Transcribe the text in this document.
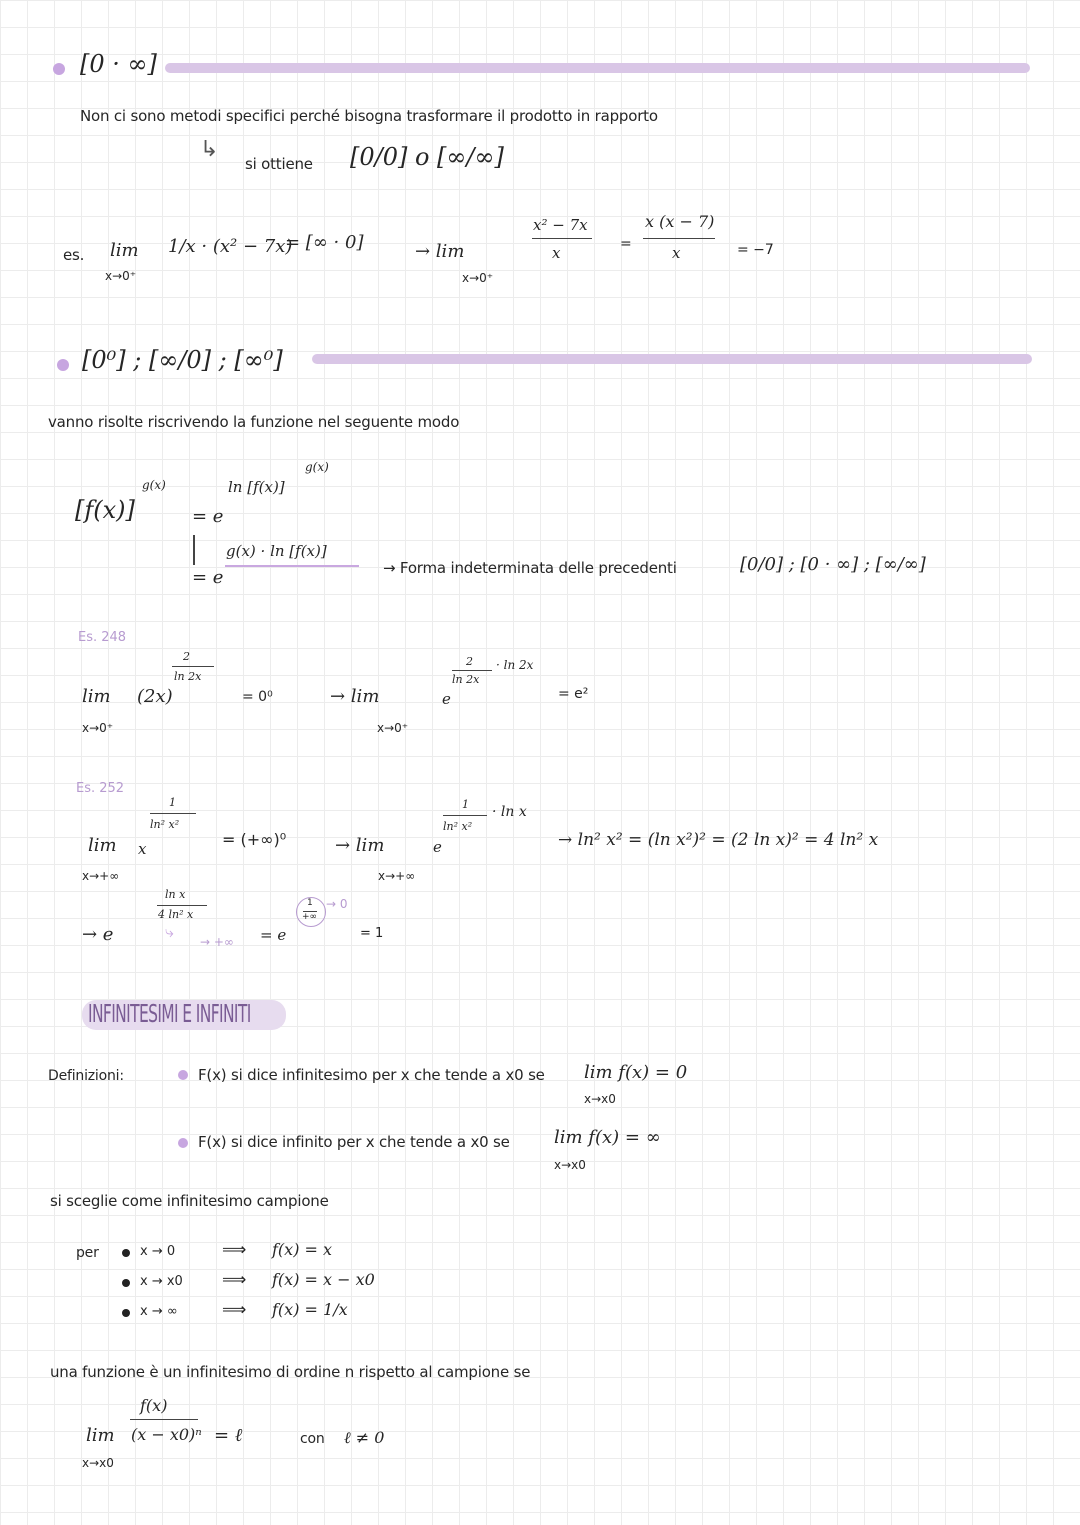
[0 · ∞]
Non ci sono metodi specifici perché bisogna trasformare il prodotto in rapporto
↳
si ottiene [0/0] o [∞/∞]
es. lim
x→0⁺
1/x · (x² − 7x)
= [∞ · 0]	→ lim
x→0⁺
x² − 7x
x	=
x (x − 7)
x	= −7
[0⁰] ; [∞/0] ; [∞⁰]
vanno risolte riscrivendo la funzione nel seguente modo
[f(x)]
g(x)
= e
ln [f(x)]
g(x)
= e
g(x) · ln [f(x)]
→ Forma indeterminata delle precedenti	[0/0] ; [0 · ∞] ; [∞/∞]
Es. 248
lim
x→0⁺
(2x)
2
ln 2x
= 0⁰	→ lim
x→0⁺
e
2
ln 2x
· ln 2x
= e²
Es. 252
lim
x→+∞
x
1
ln² x²
= (+∞)⁰	→ lim
x→+∞
e
1
ln² x²
· ln x
→ ln² x² = (ln x²)² = (2 ln x)² = 4 ln² x
→ e
ln x
4 ln² x
⤷
→ +∞ = e
1
+∞
→ 0
= 1
INFINITESIMI E INFINITI
Definizioni:	F(x) si dice infinitesimo per x che tende a x0 se lim f(x) = 0
x→x0
F(x) si dice infinito per x che tende a x0 se lim f(x) = ∞
x→x0
si sceglie come infinitesimo campione
per	x → 0	⟹ f(x) = x
x → x0 ⟹ f(x) = x − x0
x → ∞	⟹ f(x) = 1/x
una funzione è un infinitesimo di ordine n rispetto al campione se
lim
x→x0
f(x)
(x − x0)ⁿ = ℓ	con ℓ ≠ 0
